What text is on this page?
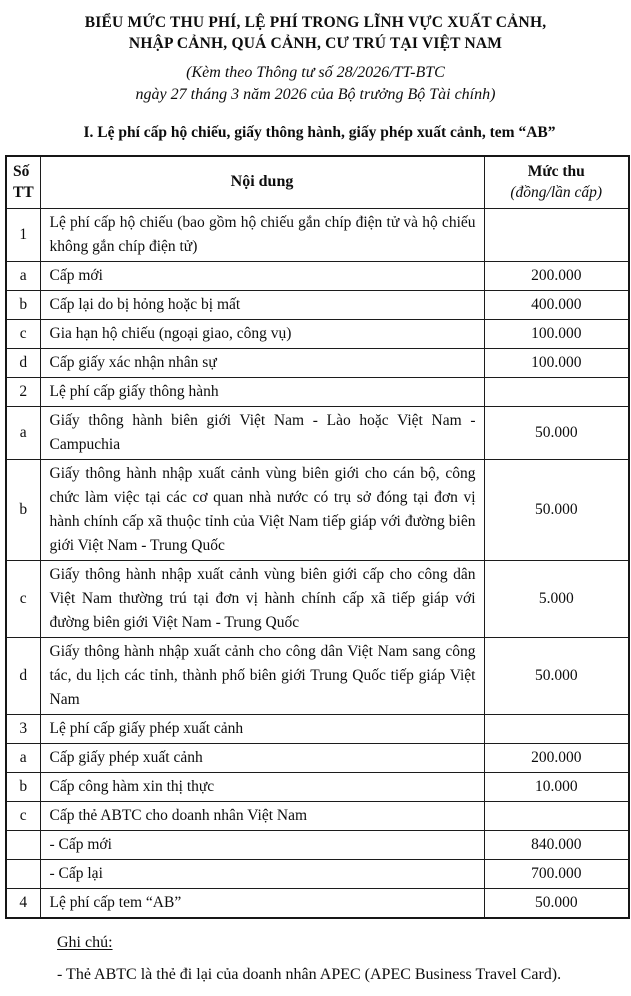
BIỂU MỨC THU PHÍ, LỆ PHÍ TRONG LĨNH VỰC XUẤT CẢNH,
NHẬP CẢNH, QUÁ CẢNH, CƯ TRÚ TẠI VIỆT NAM
(Kèm theo Thông tư số 28/2026/TT-BTC
ngày 27 tháng 3 năm 2026 của Bộ trưởng Bộ Tài chính)
I. Lệ phí cấp hộ chiếu, giấy thông hành, giấy phép xuất cảnh, tem “AB”
Số
TT	Nội dung	Mức thu
(đồng/lần cấp)

1	Lệ phí cấp hộ chiếu (bao gồm hộ chiếu gắn chíp điện tử và hộ chiếu không gắn chíp điện tử)	
a	Cấp mới	200.000
b	Cấp lại do bị hỏng hoặc bị mất	400.000
c	Gia hạn hộ chiếu (ngoại giao, công vụ)	100.000
d	Cấp giấy xác nhận nhân sự	100.000
2	Lệ phí cấp giấy thông hành	
a	Giấy thông hành biên giới Việt Nam - Lào hoặc Việt Nam - Campuchia	50.000
b	Giấy thông hành nhập xuất cảnh vùng biên giới cho cán bộ, công chức làm việc tại các cơ quan nhà nước có trụ sở đóng tại đơn vị hành chính cấp xã thuộc tỉnh của Việt Nam tiếp giáp với đường biên giới Việt Nam - Trung Quốc	50.000
c	Giấy thông hành nhập xuất cảnh vùng biên giới cấp cho công dân Việt Nam thường trú tại đơn vị hành chính cấp xã tiếp giáp với đường biên giới Việt Nam - Trung Quốc	5.000
d	Giấy thông hành nhập xuất cảnh cho công dân Việt Nam sang công tác, du lịch các tỉnh, thành phố biên giới Trung Quốc tiếp giáp Việt Nam	50.000
3	Lệ phí cấp giấy phép xuất cảnh	
a	Cấp giấy phép xuất cảnh	200.000
b	Cấp công hàm xin thị thực	10.000
c	Cấp thẻ ABTC cho doanh nhân Việt Nam	
	- Cấp mới	840.000
	- Cấp lại	700.000
4	Lệ phí cấp tem “AB”	50.000
Ghi chú:

- Thẻ ABTC là thẻ đi lại của doanh nhân APEC (APEC Business Travel Card).
